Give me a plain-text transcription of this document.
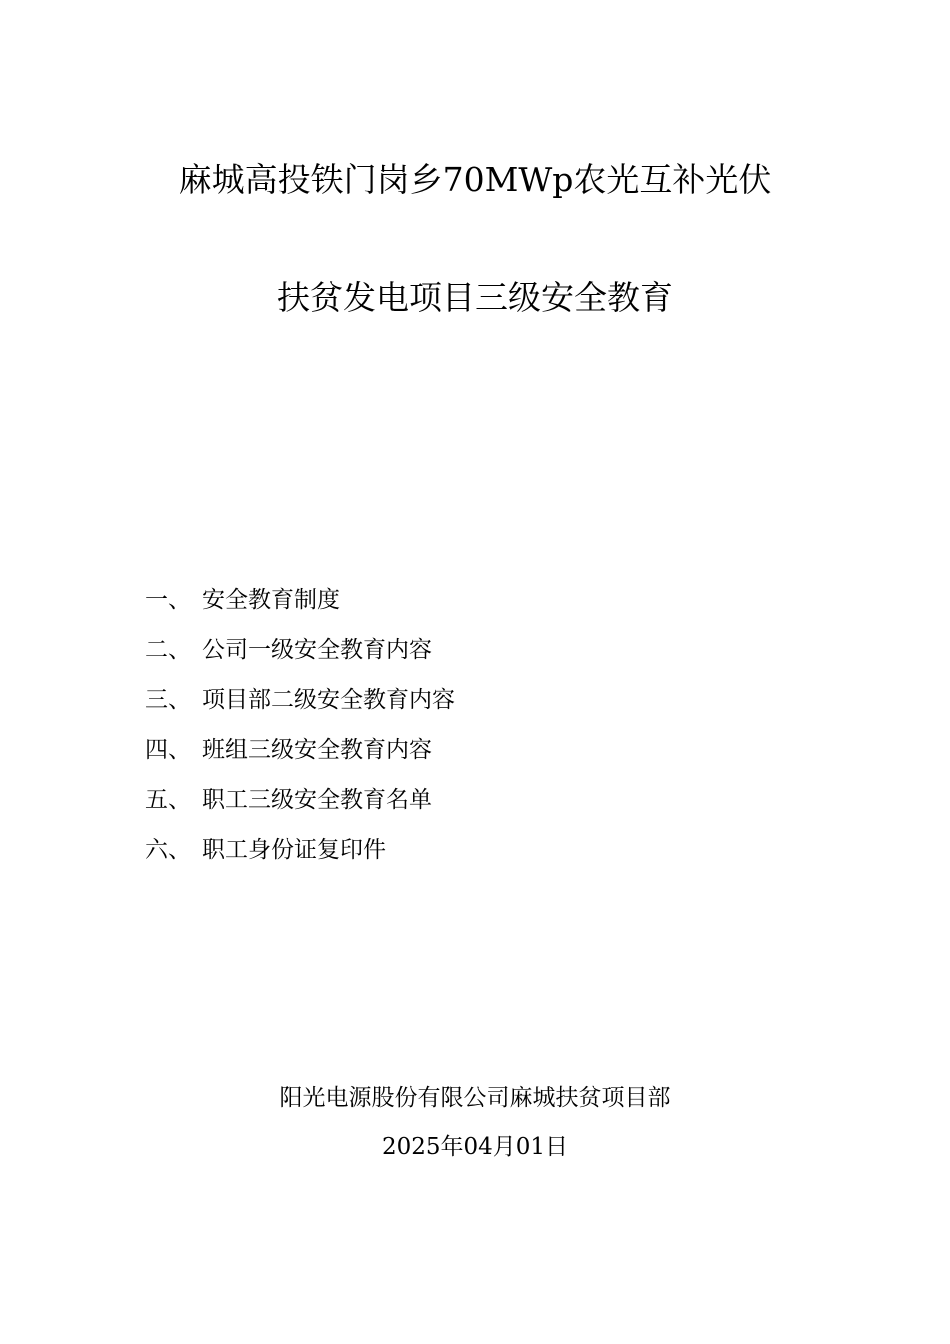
麻城高投铁门岗乡70MWp农光互补光伏
扶贫发电项目三级安全教育
一、 安全教育制度
二、 公司一级安全教育内容
三、 项目部二级安全教育内容
四、 班组三级安全教育内容
五、 职工三级安全教育名单
六、 职工身份证复印件
阳光电源股份有限公司麻城扶贫项目部
2025年04月01日
